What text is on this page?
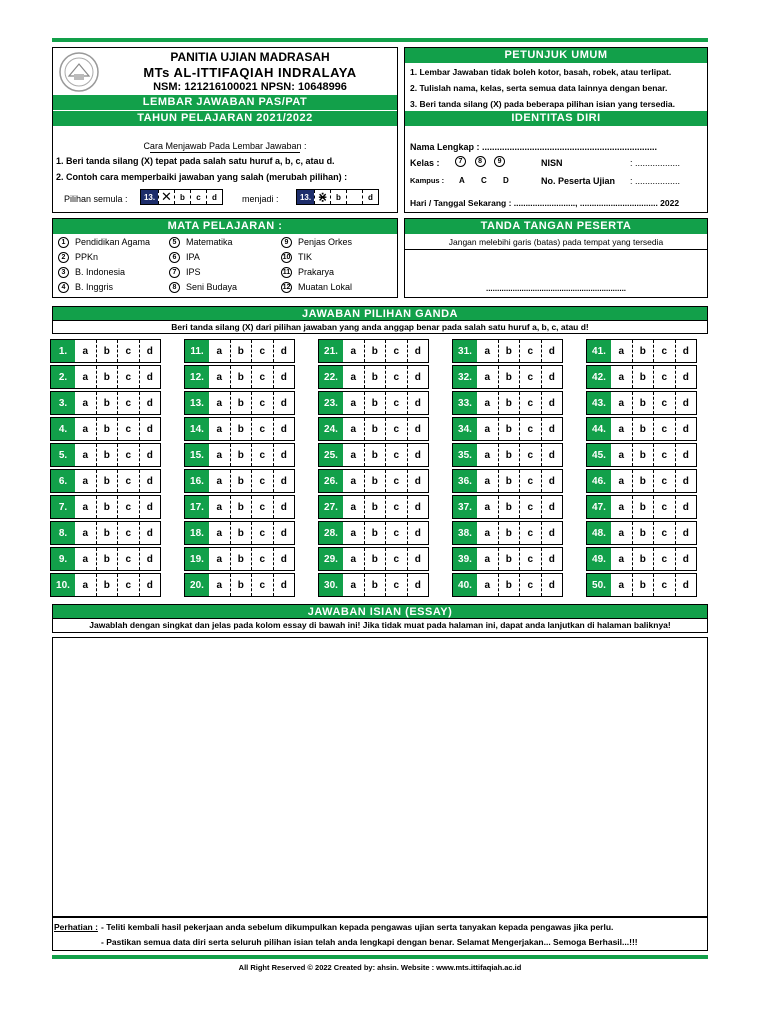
PANITIA UJIAN MADRASAH
MTs AL-ITTIFAQIAH INDRALAYA
NSM: 121216100021 NPSN: 10648996
LEMBAR JAWABAN PAS/PAT
TAHUN PELAJARAN 2021/2022
Cara Menjawab Pada Lembar Jawaban :
1. Beri tanda silang (X) tepat pada salah satu huruf a, b, c, atau d.
2. Contoh cara memperbaiki jawaban yang salah (merubah pilihan) :
Pilihan semula :	13. ✕	b	c	d	menjadi :	13. ⋇	b	d
PETUNJUK UMUM
1. Lembar Jawaban tidak boleh kotor, basah, robek, atau terlipat.
2. Tulislah nama, kelas, serta semua data lainnya dengan benar.
3. Beri tanda silang (X) pada beberapa pilihan isian yang tersedia.
IDENTITAS DIRI
Nama Lengkap : ......................................................................
Kelas :	7 8 9	NISN	: ..................
Kampus : A C D	No. Peserta Ujian : ..................
Hari / Tanggal Sekarang : .........................., ................................. 2022
MATA PELAJARAN :
1 Pendidikan Agama
2 PPKn
3 B. Indonesia
4 B. Inggris
5 Matematika
6 IPA
7 IPS
8 Seni Budaya
9 Penjas Orkes
10 TIK
11 Prakarya
12 Muatan Lokal
TANDA TANGAN PESERTA
Jangan melebihi garis (batas) pada tempat yang tersedia
...............................................................
JAWABAN PILIHAN GANDA
Beri tanda silang (X) dari pilihan jawaban yang anda anggap benar pada salah satu huruf a, b, c, atau d!
1.	a	b	c	d
2.	a	b	c	d
3.	a	b	c	d
4.	a	b	c	d
5.	a	b	c	d
6.	a	b	c	d
7.	a	b	c	d
8.	a	b	c	d
9.	a	b	c	d
10.	a	b	c	d
11.	a	b	c	d
12.	a	b	c	d
13.	a	b	c	d
14.	a	b	c	d
15.	a	b	c	d
16.	a	b	c	d
17.	a	b	c	d
18.	a	b	c	d
19.	a	b	c	d
20.	a	b	c	d
21.	a	b	c	d
22.	a	b	c	d
23.	a	b	c	d
24.	a	b	c	d
25.	a	b	c	d
26.	a	b	c	d
27.	a	b	c	d
28.	a	b	c	d
29.	a	b	c	d
30.	a	b	c	d
31.	a	b	c	d
32.	a	b	c	d
33.	a	b	c	d
34.	a	b	c	d
35.	a	b	c	d
36.	a	b	c	d
37.	a	b	c	d
38.	a	b	c	d
39.	a	b	c	d
40.	a	b	c	d
41.	a	b	c	d
42.	a	b	c	d
43.	a	b	c	d
44.	a	b	c	d
45.	a	b	c	d
46.	a	b	c	d
47.	a	b	c	d
48.	a	b	c	d
49.	a	b	c	d
50.	a	b	c	d
JAWABAN ISIAN (ESSAY)
Jawablah dengan singkat dan jelas pada kolom essay di bawah ini! Jika tidak muat pada halaman ini, dapat anda lanjutkan di halaman baliknya!
Perhatian : - Teliti kembali hasil pekerjaan anda sebelum dikumpulkan kepada pengawas ujian serta tanyakan kepada pengawas jika perlu.
- Pastikan semua data diri serta seluruh pilihan isian telah anda lengkapi dengan benar. Selamat Mengerjakan... Semoga Berhasil...!!!
All Right Reserved © 2022 Created by: ahsin. Website : www.mts.ittifaqiah.ac.id
